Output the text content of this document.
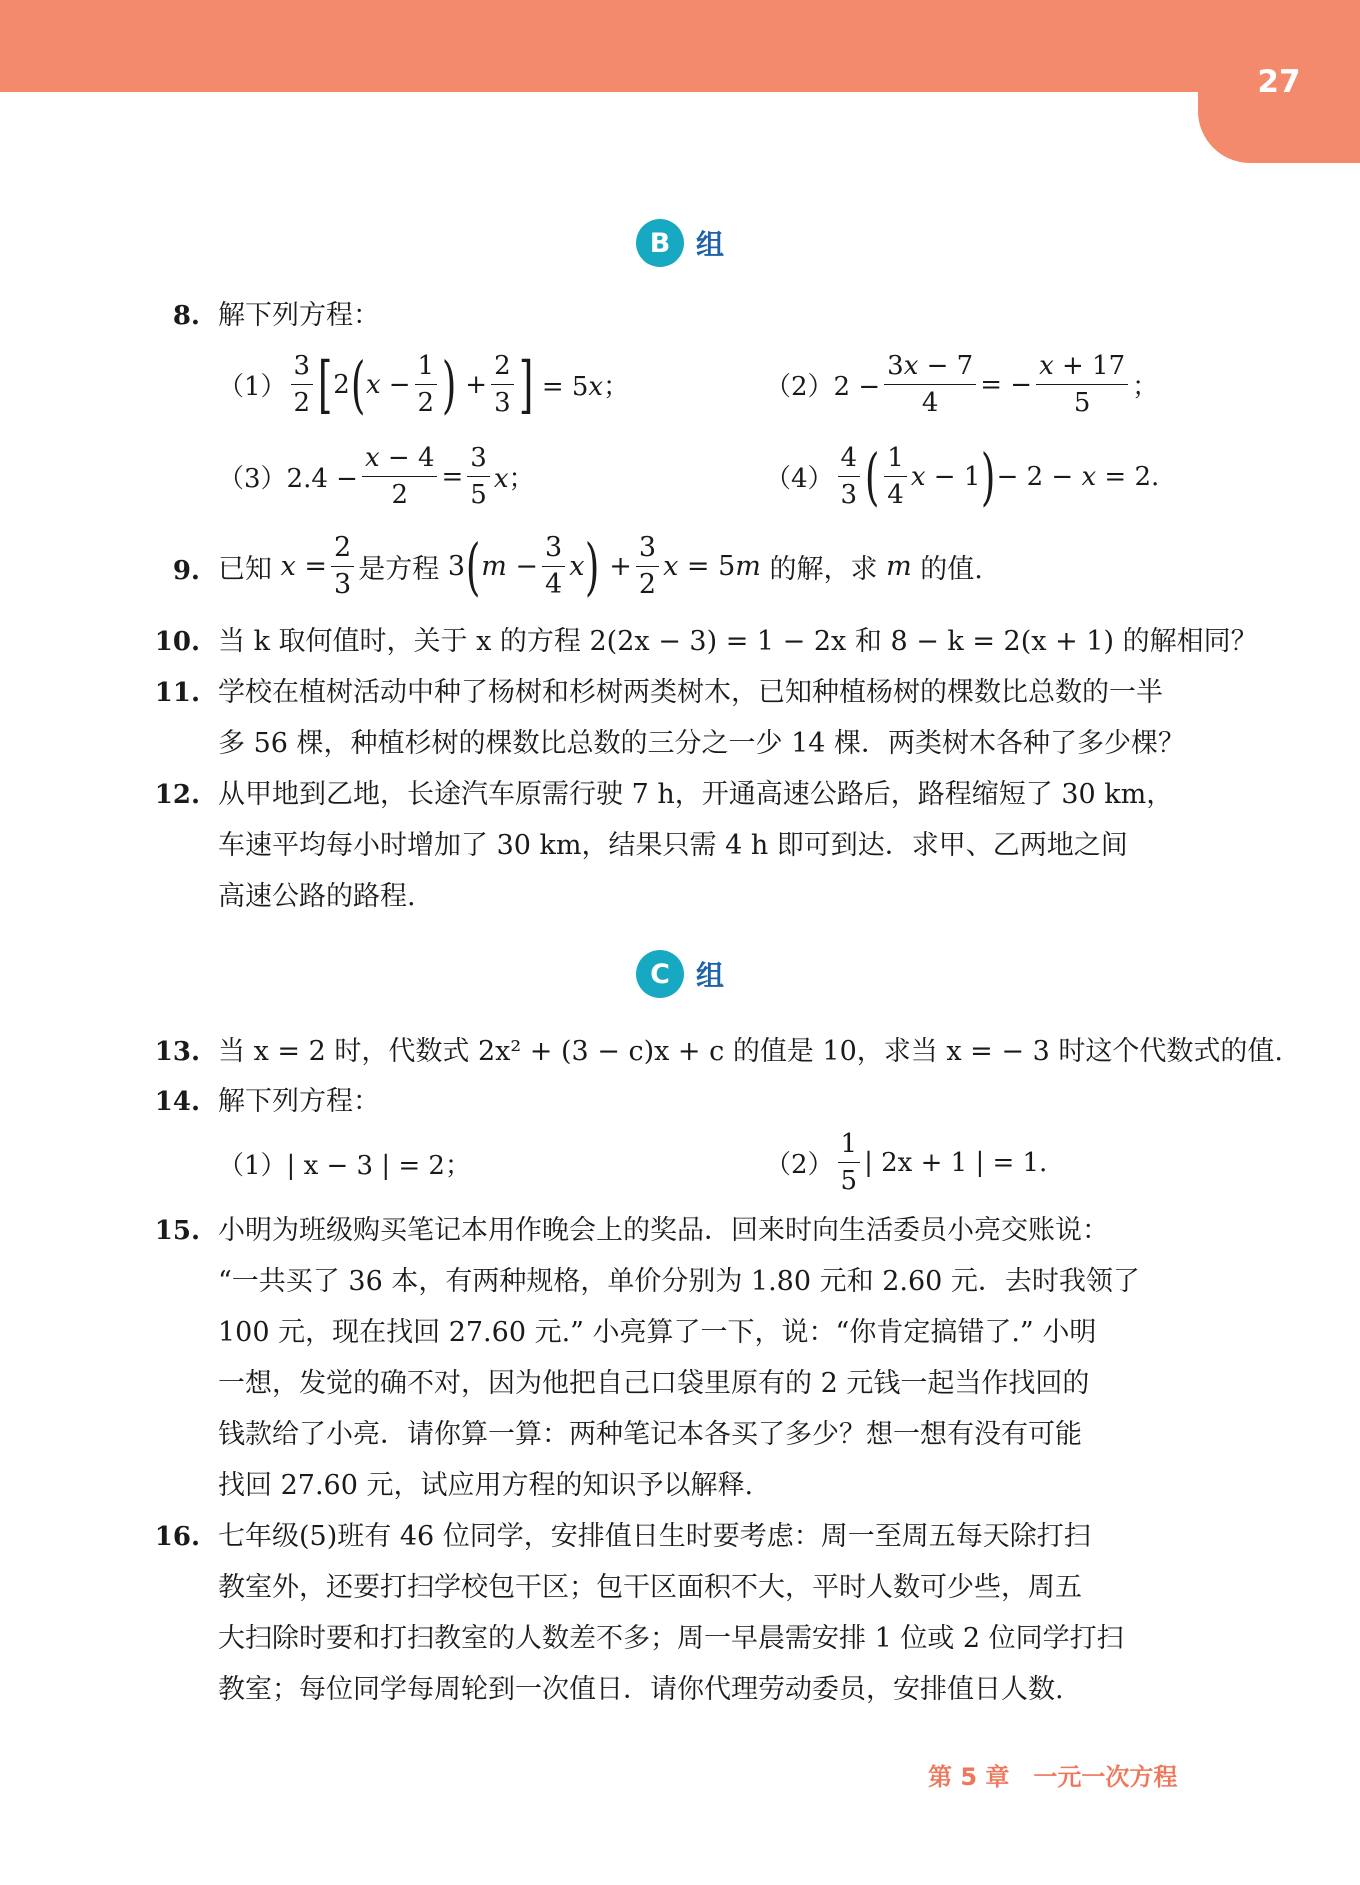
27
B 组
8. 解下列方程：
$(1) \frac{3}{2}$ [ 2 ( $x - \frac{1}{2}$ ) + $\frac{2}{3}$ ] = 5x；	$(2)2 - \frac{3x - 7}{4}$ = − $\frac{x + 17}{5}$ ；
$(3)2.4 - \frac{x - 4}{2} = \frac{3}{5}$ x；	$(4) \frac{4}{3}$ ( $\frac{1}{4}$ x − 1 ) − 2 − x = 2.
9. 已知 $x = \frac{2}{3}$ 是方程 3 ( $m - \frac{3}{4}$ x ) + $\frac{3}{2}$ x = 5m 的解，求 m 的值.
10. 当 k 取何值时，关于 x 的方程 2(2x − 3) = 1 − 2x 和 8 − k = 2(x + 1) 的解相同？
11. 学校在植树活动中种了杨树和杉树两类树木，已知种植杨树的棵数比总数的一半
多 56 棵，种植杉树的棵数比总数的三分之一少 14 棵．两类树木各种了多少棵？
12. 从甲地到乙地，长途汽车原需行驶 7 h，开通高速公路后，路程缩短了 30 km，
车速平均每小时增加了 30 km，结果只需 4 h 即可到达．求甲、乙两地之间
高速公路的路程.
C 组
13. 当 x = 2 时，代数式 2x² + (3 − c)x + c 的值是 10，求当 x = − 3 时这个代数式的值.
14. 解下列方程：
（1） | x − 3 | = 2；	$(2) \frac{1}{5}$ | 2x + 1 | = 1.
15. 小明为班级购买笔记本用作晚会上的奖品．回来时向生活委员小亮交账说：
“一共买了 36 本，有两种规格，单价分别为 1.80 元和 2.60 元．去时我领了
100 元，现在找回 27.60 元.” 小亮算了一下，说：“你肯定搞错了.” 小明
一想，发觉的确不对，因为他把自己口袋里原有的 2 元钱一起当作找回的
钱款给了小亮．请你算一算：两种笔记本各买了多少？想一想有没有可能
找回 27.60 元，试应用方程的知识予以解释.
16. 七年级(5)班有 46 位同学，安排值日生时要考虑：周一至周五每天除打扫
教室外，还要打扫学校包干区；包干区面积不大，平时人数可少些，周五
大扫除时要和打扫教室的人数差不多；周一早晨需安排 1 位或 2 位同学打扫
教室；每位同学每周轮到一次值日．请你代理劳动委员，安排值日人数.
第 5 章　一元一次方程
